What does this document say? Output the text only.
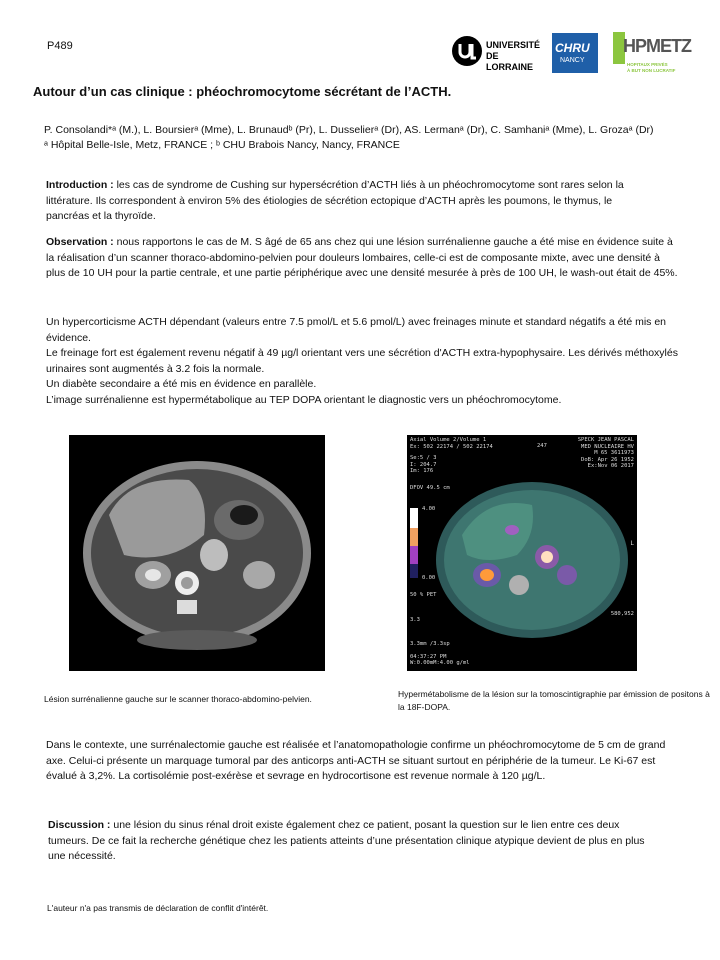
P489	UNIVERSITÉ
DE LORRAINE
CHRU
NANCY
HPMETZ
HOPITAUX PRIVÉS
À BUT NON LUCRATIF
Autour d’un cas clinique : phéochromocytome sécrétant de l’ACTH.
P. Consolandi*ᵃ (M.), L. Boursierᵃ (Mme), L. Brunaudᵇ (Pr), L. Dusselierᵃ (Dr), AS. Lermanᵃ (Dr), C. Samhaniᵃ (Mme), L. Grozaᵃ (Dr)
ᵃ Hôpital Belle-Isle, Metz, FRANCE ; ᵇ CHU Brabois Nancy, Nancy, FRANCE
Introduction : les cas de syndrome de Cushing sur hypersécrétion d’ACTH liés à un phéochromocytome sont rares selon la littérature. Ils correspondent à environ 5% des étiologies de sécrétion ectopique d’ACTH après les poumons, le thymus, le pancréas et la thyroïde.
Observation : nous rapportons le cas de M. S âgé de 65 ans chez qui une lésion surrénalienne gauche a été mise en évidence suite à la réalisation d’un scanner thoraco-abdomino-pelvien pour douleurs lombaires, celle-ci est de composante mixte, avec une densité à plus de 10 UH pour la partie centrale, et une partie périphérique avec une densité mesurée à près de 100 UH, le wash-out était de 45%.
Un hypercorticisme ACTH dépendant (valeurs entre 7.5 pmol/L et 5.6 pmol/L) avec freinages minute et standard négatifs a été mis en évidence.
Le freinage fort est également revenu négatif à 49 µg/l orientant vers une sécrétion d'ACTH extra-hypophysaire. Les dérivés méthoxylés urinaires sont augmentés à 3.2 fois la normale.
Un diabète secondaire a été mis en évidence en parallèle.
L’image surrénalienne est hypermétabolique au TEP DOPA orientant le diagnostic vers un phéochromocytome.
Axial Volume 2/Volume 1
Ex: 502 22174 / 502 22174
Se:5 / 3
I: 204.7
Im: 176
DFOV 49.5 cm
4.00
0.00
50 % PET
3.3
3.3mm /3.3sp
04:37:27 PM
W:0.00mM:4.00 g/ml
SPECK JEAN PASCAL
MED NUCLEAIRE HV
M 65 3611973
DoB: Apr 26 1952
Ex:Nov 06 2017
247
L
580,952
Lésion surrénalienne gauche sur le scanner thoraco-abdomino-pelvien.	Hypermétabolisme de la lésion sur la tomoscintigraphie par émission de positons à la 18F-DOPA.
Dans le contexte, une surrénalectomie gauche est réalisée et l’anatomopathologie confirme un phéochromocytome de 5 cm de grand axe. Celui-ci présente un marquage tumoral par des anticorps anti-ACTH se situant surtout en périphérie de la tumeur. Le Ki-67 est évalué à 3,2%. La cortisolémie post-exérèse et sevrage en hydrocortisone est revenue normale à 120 µg/L.
Discussion : une lésion du sinus rénal droit existe également chez ce patient, posant la question sur le lien entre ces deux tumeurs. De ce fait la recherche génétique chez les patients atteints d’une présentation clinique atypique devient de plus en plus une nécessité.
L'auteur n'a pas transmis de déclaration de conflit d'intérêt.
